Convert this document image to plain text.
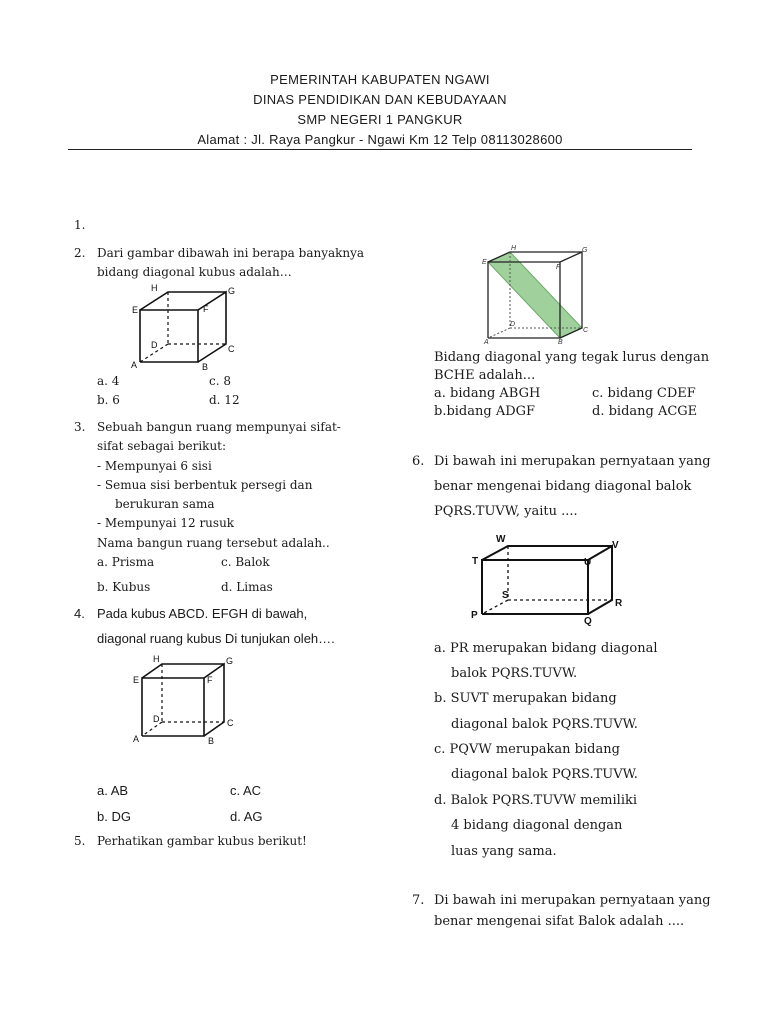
PEMERINTAH KABUPATEN NGAWI
DINAS PENDIDIKAN DAN KEBUDAYAAN
SMP NEGERI 1 PANGKUR
Alamat : Jl. Raya Pangkur - Ngawi Km 12 Telp 08113028600
1.
2. Dari gambar dibawah ini berapa banyaknya
bidang diagonal kubus adalah…
H	G
E	F
D	C
A	B
a. 4	c. 8
b. 6	d. 12
3. Sebuah bangun ruang mempunyai sifat-
sifat sebagai berikut:
- Mempunyai 6 sisi
- Semua sisi berbentuk persegi dan
berukuran sama
- Mempunyai 12 rusuk
Nama bangun ruang tersebut adalah..
a. Prisma	c. Balok
b. Kubus	d. Limas
4. Pada kubus ABCD. EFGH di bawah,
diagonal ruang kubus Di tunjukan oleh….
H	G
E	F
D	C
A	B
a. AB	c. AC
b. DG	d. AG
5. Perhatikan gambar kubus berikut!
H	G
E
F
D
C
A	B
Bidang diagonal yang tegak lurus dengan
BCHE adalah...
a. bidang ABGH	c. bidang CDEF
b.bidang ADGF	d. bidang ACGE
6. Di bawah ini merupakan pernyataan yang
benar mengenai bidang diagonal balok
PQRS.TUVW, yaitu ....
W
V
T	U
S
R
P
Q
a. PR merupakan bidang diagonal
balok PQRS.TUVW.
b. SUVT merupakan bidang
diagonal balok PQRS.TUVW.
c. PQVW merupakan bidang
diagonal balok PQRS.TUVW.
d. Balok PQRS.TUVW memiliki
4 bidang diagonal dengan
luas yang sama.
7. Di bawah ini merupakan pernyataan yang
benar mengenai sifat Balok adalah ....
